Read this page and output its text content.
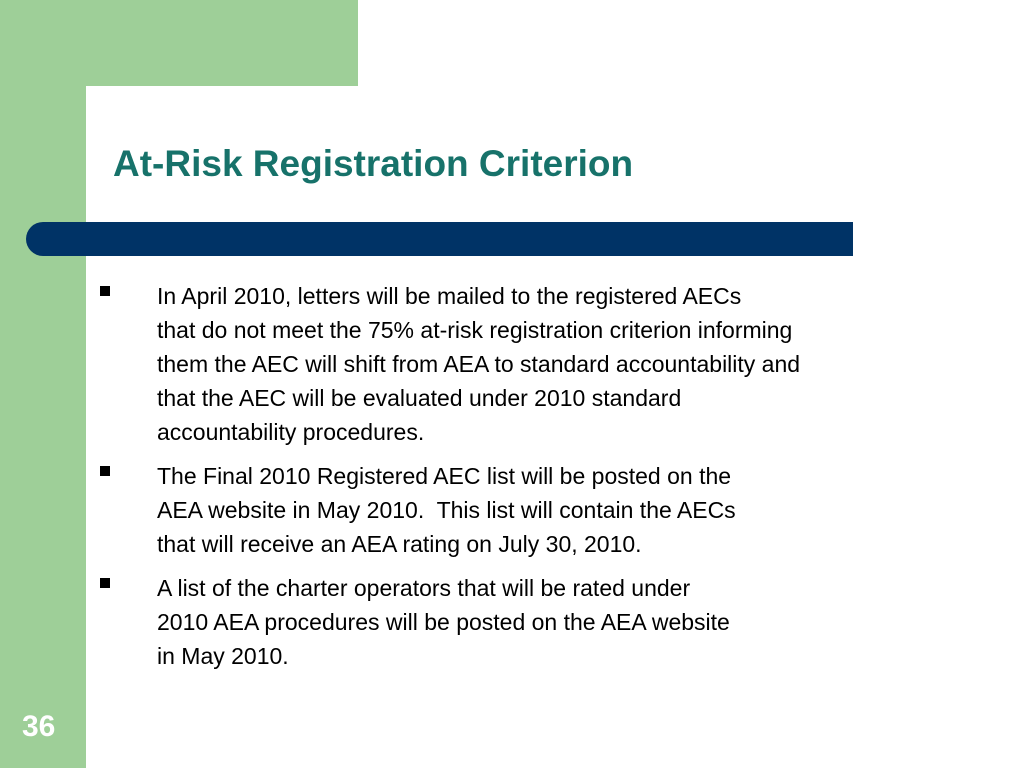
At-Risk Registration Criterion
In April 2010, letters will be mailed to the registered AECs
that do not meet the 75% at-risk registration criterion informing
them the AEC will shift from AEA to standard accountability and
that the AEC will be evaluated under 2010 standard
accountability procedures.
The Final 2010 Registered AEC list will be posted on the
AEA website in May 2010.  This list will contain the AECs
that will receive an AEA rating on July 30, 2010.
A list of the charter operators that will be rated under
2010 AEA procedures will be posted on the AEA website
in May 2010.
36
